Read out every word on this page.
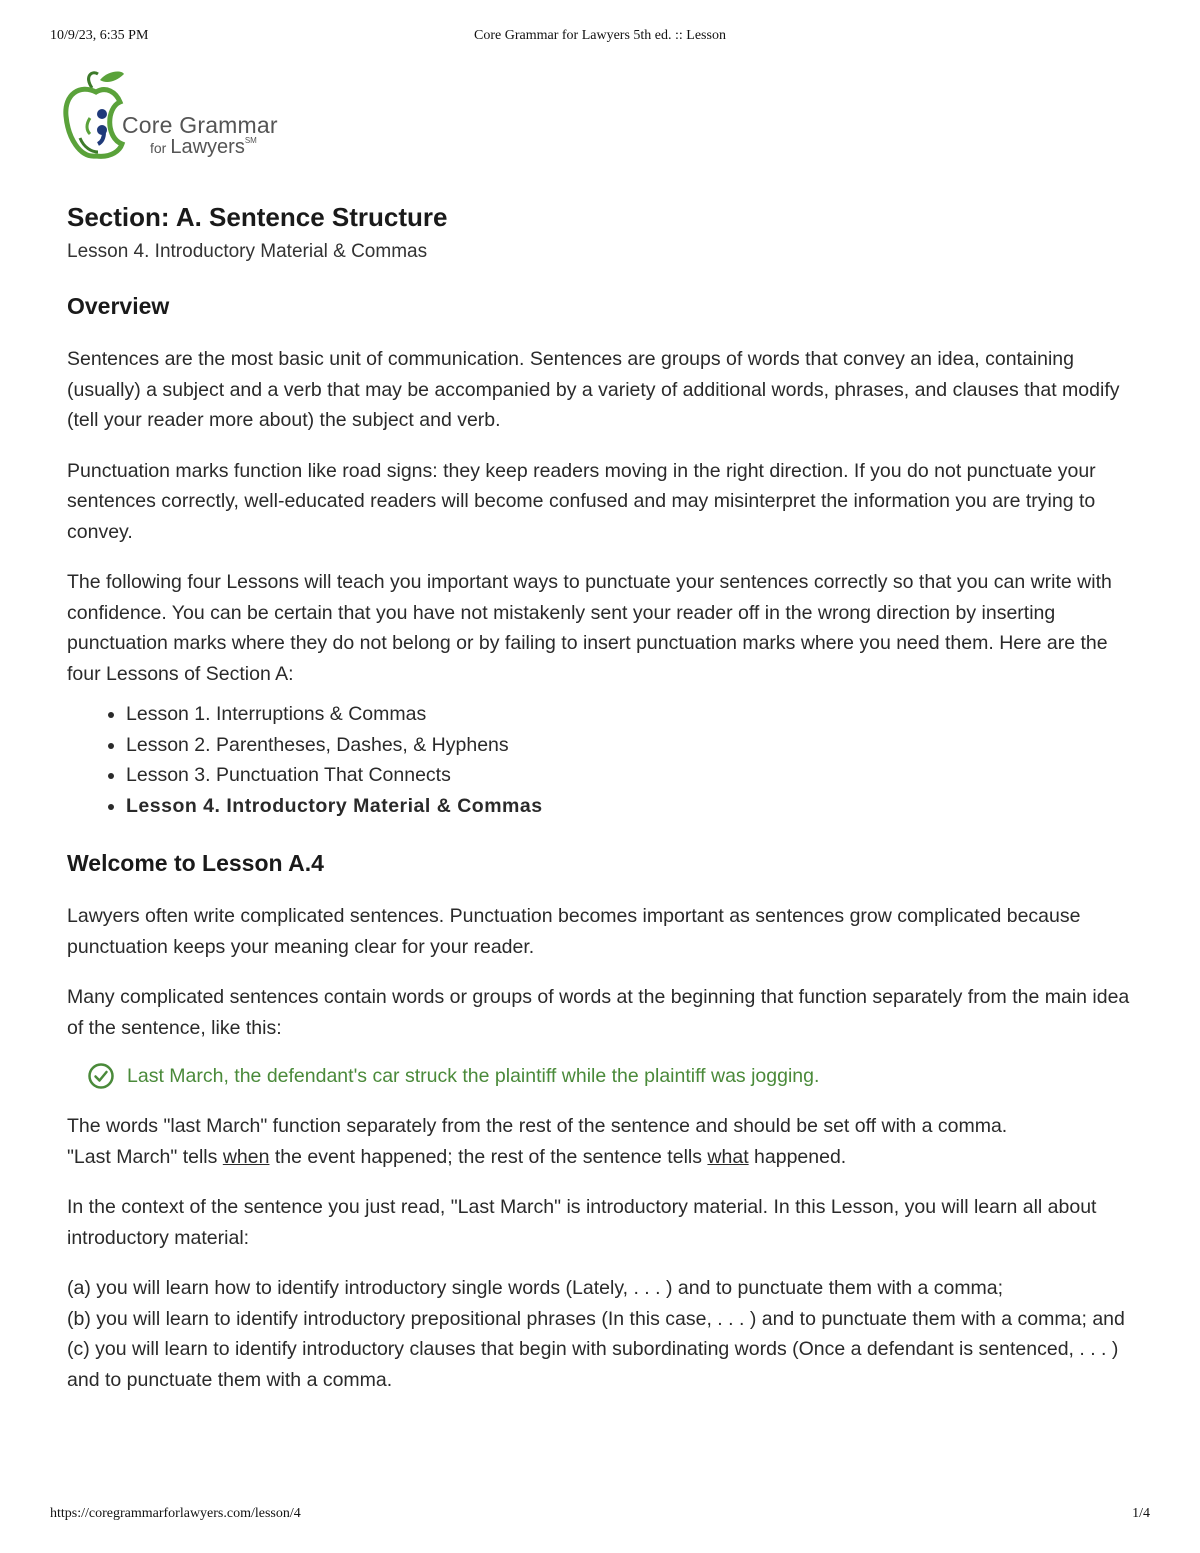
10/9/23, 6:35 PM	Core Grammar for Lawyers 5th ed. :: Lesson
Core Grammar
for Lawyers℠
Section: A. Sentence Structure
Lesson 4. Introductory Material & Commas
Overview

Sentences are the most basic unit of communication. Sentences are groups of words that convey an idea, containing (usually) a subject and a verb that may be accompanied by a variety of additional words, phrases, and clauses that modify (tell your reader more about) the subject and verb.

Punctuation marks function like road signs: they keep readers moving in the right direction. If you do not punctuate your sentences correctly, well-educated readers will become confused and may misinterpret the information you are trying to convey.

The following four Lessons will teach you important ways to punctuate your sentences correctly so that you can write with confidence. You can be certain that you have not mistakenly sent your reader off in the wrong direction by inserting punctuation marks where they do not belong or by failing to insert punctuation marks where you need them. Here are the four Lessons of Section A:

• Lesson 1. Interruptions & Commas
• Lesson 2. Parentheses, Dashes, & Hyphens
• Lesson 3. Punctuation That Connects
• Lesson 4. Introductory Material & Commas
Welcome to Lesson A.4

Lawyers often write complicated sentences. Punctuation becomes important as sentences grow complicated because punctuation keeps your meaning clear for your reader.

Many complicated sentences contain words or groups of words at the beginning that function separately from the main idea of the sentence, like this:

Last March, the defendant's car struck the plaintiff while the plaintiff was jogging.

The words "last March" function separately from the rest of the sentence and should be set off with a comma.
"Last March" tells when the event happened; the rest of the sentence tells what happened.

In the context of the sentence you just read, "Last March" is introductory material. In this Lesson, you will learn all about introductory material:

(a) you will learn how to identify introductory single words (Lately, . . . ) and to punctuate them with a comma;

(b) you will learn to identify introductory prepositional phrases (In this case, . . . ) and to punctuate them with a comma; and

(c) you will learn to identify introductory clauses that begin with subordinating words (Once a defendant is sentenced, . . . ) and to punctuate them with a comma.

https://coregrammarforlawyers.com/lesson/4	1/4
